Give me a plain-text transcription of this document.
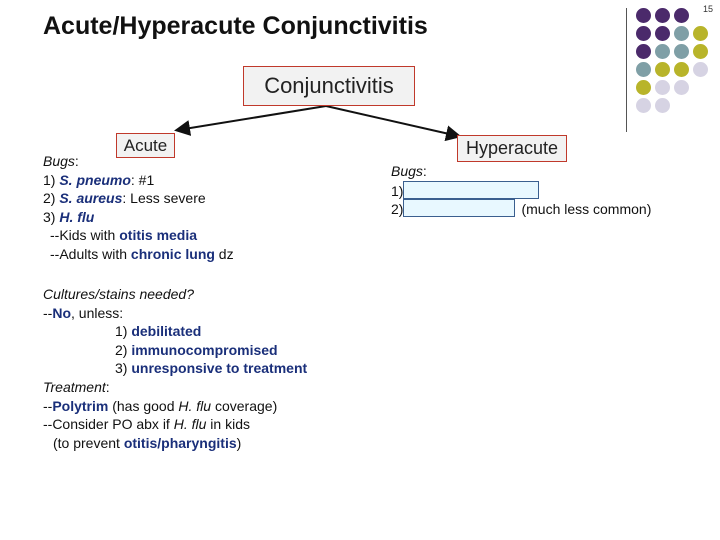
Acute/Hyperacute Conjunctivitis
15
Conjunctivitis
Acute	Hyperacute
Bugs:
1) S. pneumo: #1
2) S. aureus: Less severe
3) H. flu
--Kids with otitis media
--Adults with chronic lung dz
Cultures/stains needed?
--No, unless:
1) debilitated
2) immunocompromised
3) unresponsive to treatment
Treatment:
--Polytrim (has good H. flu coverage)
--Consider PO abx if H. flu in kids
(to prevent otitis/pharyngitis)
Bugs:
1)
2)	(much less common)
